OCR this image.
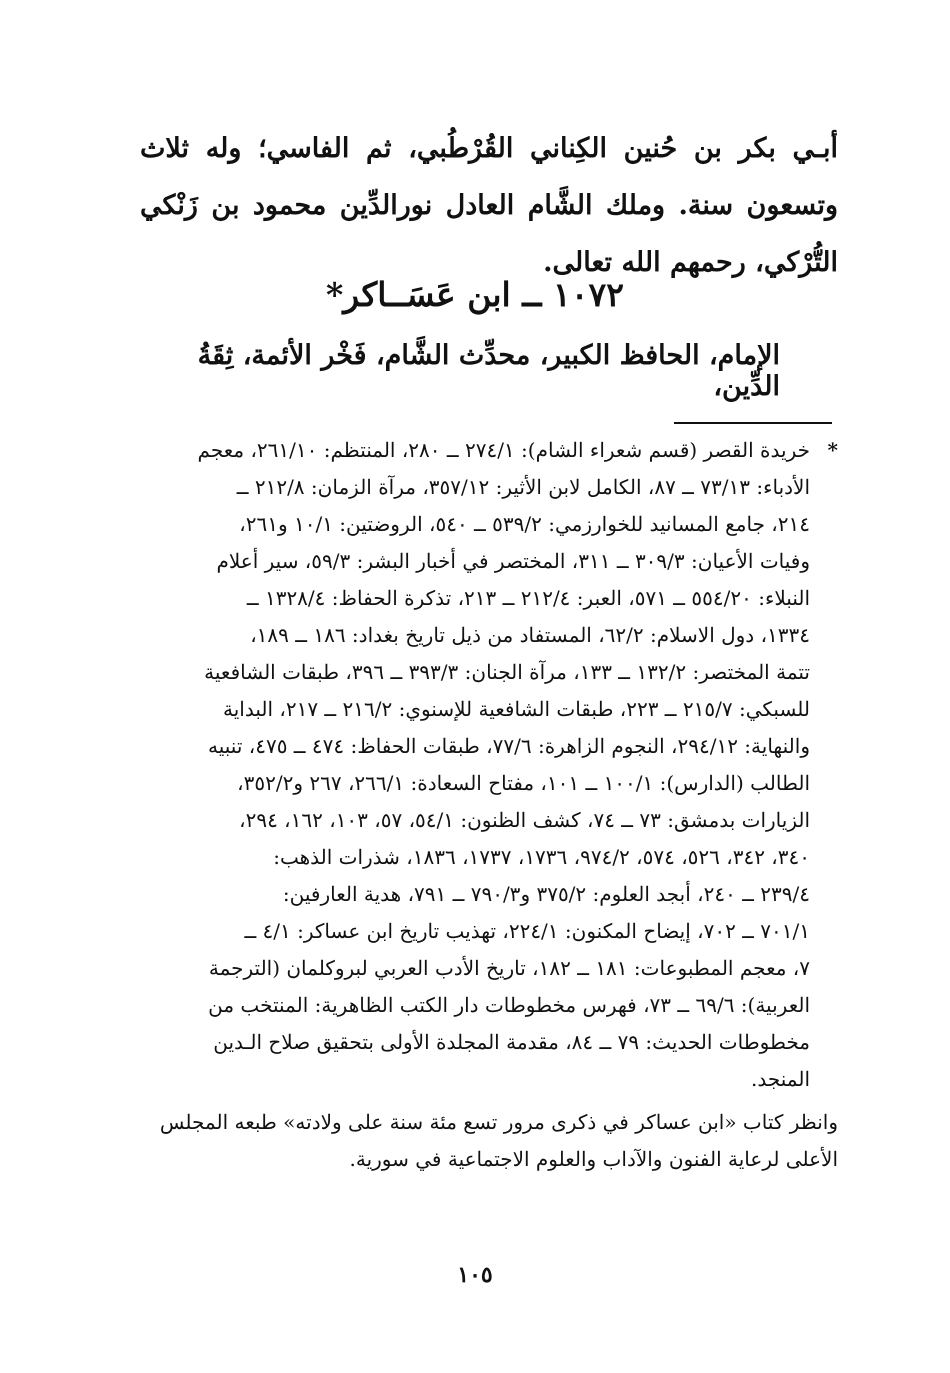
أبـي بكر بن حُنين الكِناني القُرْطُبي، ثم الفاسي؛ وله ثلاث وتسعون سنة. وملك الشَّام العادل نورالدِّين محمود بن زَنْكي التُّرْكي، رحمهم الله تعالى.

١٠٧٢ ــ ابن عَسَــاكر*
الإمام، الحافظ الكبير، محدِّث الشَّام، فَخْر الأئمة، ثِقَةُ الدِّين،
*

خريدة القصر (قسم شعراء الشام): ٢٧٤/١ ــ ٢٨٠، المنتظم: ٢٦١/١٠، معجم

الأدباء: ٧٣/١٣ ــ ٨٧، الكامل لابن الأثير: ٣٥٧/١٢، مرآة الزمان: ٢١٢/٨ ــ

٢١٤، جامع المسانيد للخوارزمي: ٥٣٩/٢ ــ ٥٤٠، الروضتين: ١٠/١ و٢٦١،

وفيات الأعيان: ٣٠٩/٣ ــ ٣١١، المختصر في أخبار البشر: ٥٩/٣، سير أعلام

النبلاء: ٥٥٤/٢٠ ــ ٥٧١، العبر: ٢١٢/٤ ــ ٢١٣، تذكرة الحفاظ: ١٣٢٨/٤ ــ

١٣٣٤، دول الاسلام: ٦٢/٢، المستفاد من ذيل تاريخ بغداد: ١٨٦ ــ ١٨٩،

تتمة المختصر: ١٣٢/٢ ــ ١٣٣، مرآة الجنان: ٣٩٣/٣ ــ ٣٩٦، طبقات الشافعية

للسبكي: ٢١٥/٧ ــ ٢٢٣، طبقات الشافعية للإسنوي: ٢١٦/٢ ــ ٢١٧، البداية

والنهاية: ٢٩٤/١٢، النجوم الزاهرة: ٧٧/٦، طبقات الحفاظ: ٤٧٤ ــ ٤٧٥، تنبيه

الطالب (الدارس): ١٠٠/١ ــ ١٠١، مفتاح السعادة: ٢٦٦/١، ٢٦٧ و٣٥٢/٢،

الزيارات بدمشق: ٧٣ ــ ٧٤، كشف الظنون: ٥٤/١، ٥٧، ١٠٣، ١٦٢، ٢٩٤،

٣٤٠، ٣٤٢، ٥٢٦، ٥٧٤، ٩٧٤/٢، ١٧٣٦، ١٧٣٧، ١٨٣٦، شذرات الذهب:

٢٣٩/٤ ــ ٢٤٠، أبجد العلوم: ٣٧٥/٢ و٧٩٠/٣ ــ ٧٩١، هدية العارفين:

٧٠١/١ ــ ٧٠٢، إيضاح المكنون: ٢٢٤/١، تهذيب تاريخ ابن عساكر: ٤/١ ــ

٧، معجم المطبوعات: ١٨١ ــ ١٨٢، تاريخ الأدب العربي لبروكلمان (الترجمة

العربية): ٦٩/٦ ــ ٧٣، فهرس مخطوطات دار الكتب الظاهرية: المنتخب من

مخطوطات الحديث: ٧٩ ــ ٨٤، مقدمة المجلدة الأولى بتحقيق صلاح الـدين

المنجد.

وانظر كتاب «ابن عساكر في ذكرى مرور تسع مئة سنة على ولادته» طبعه المجلس

الأعلى لرعاية الفنون والآداب والعلوم الاجتماعية في سورية.

١٠٥
